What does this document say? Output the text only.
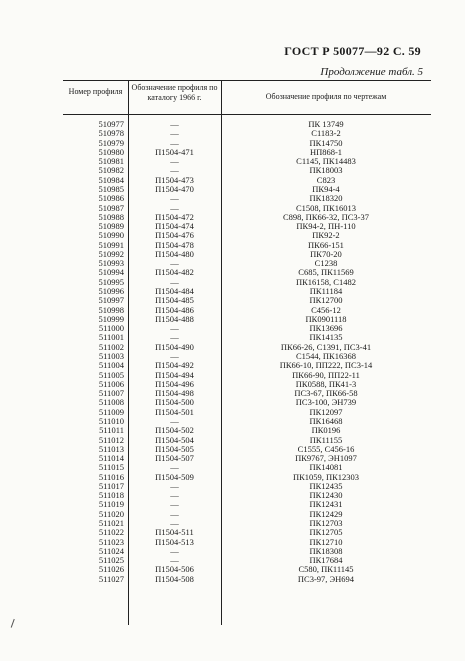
ГОСТ Р 50077—92 С. 59
Продолжение табл. 5
Номер профиля	Обозначение профиля по каталогу 1966 г.	Обозначение профиля по чертежам
510977	—	ПК 13749
510978	—	С1183-2
510979	—	ПК14750
510980	П1504-471	НП868-1
510981	—	С1145, ПК14483
510982	—	ПК18003
510984	П1504-473	С823
510985	П1504-470	ПК94-4
510986	—	ПК18320
510987	—	С1508, ПК16013
510988	П1504-472	С898, ПК66-32, ПС3-37
510989	П1504-474	ПК94-2, ПН-110
510990	П1504-476	ПК92-2
510991	П1504-478	ПК66-151
510992	П1504-480	ПК70-20
510993	—	С1238
510994	П1504-482	С685, ПК11569
510995	—	ПК16158, С1482
510996	П1504-484	ПК11184
510997	П1504-485	ПК12700
510998	П1504-486	С456-12
510999	П1504-488	ПК0901118
511000	—	ПК13696
511001	—	ПК14135
511002	П1504-490	ПК66-26, С1391, ПС3-41
511003	—	С1544, ПК16368
511004	П1504-492	ПК66-10, ПП222, ПС3-14
511005	П1504-494	ПК66-90, ПП22-11
511006	П1504-496	ПК0588, ПК41-3
511007	П1504-498	ПС3-67, ПК66-58
511008	П1504-500	ПС3-100, ЭН739
511009	П1504-501	ПК12097
511010	—	ПК16468
511011	П1504-502	ПК0196
511012	П1504-504	ПК11155
511013	П1504-505	С1555, С456-16
511014	П1504-507	ПК9767, ЭН1097
511015	—	ПК14081
511016	П1504-509	ПК1059, ПК12303
511017	—	ПК12435
511018	—	ПК12430
511019	—	ПК12431
511020	—	ПК12429
511021	—	ПК12703
511022	П1504-511	ПК12705
511023	П1504-513	ПК12710
511024	—	ПК18308
511025	—	ПК17684
511026	П1504-506	С580, ПК11145
511027	П1504-508	ПС3-97, ЭН694
